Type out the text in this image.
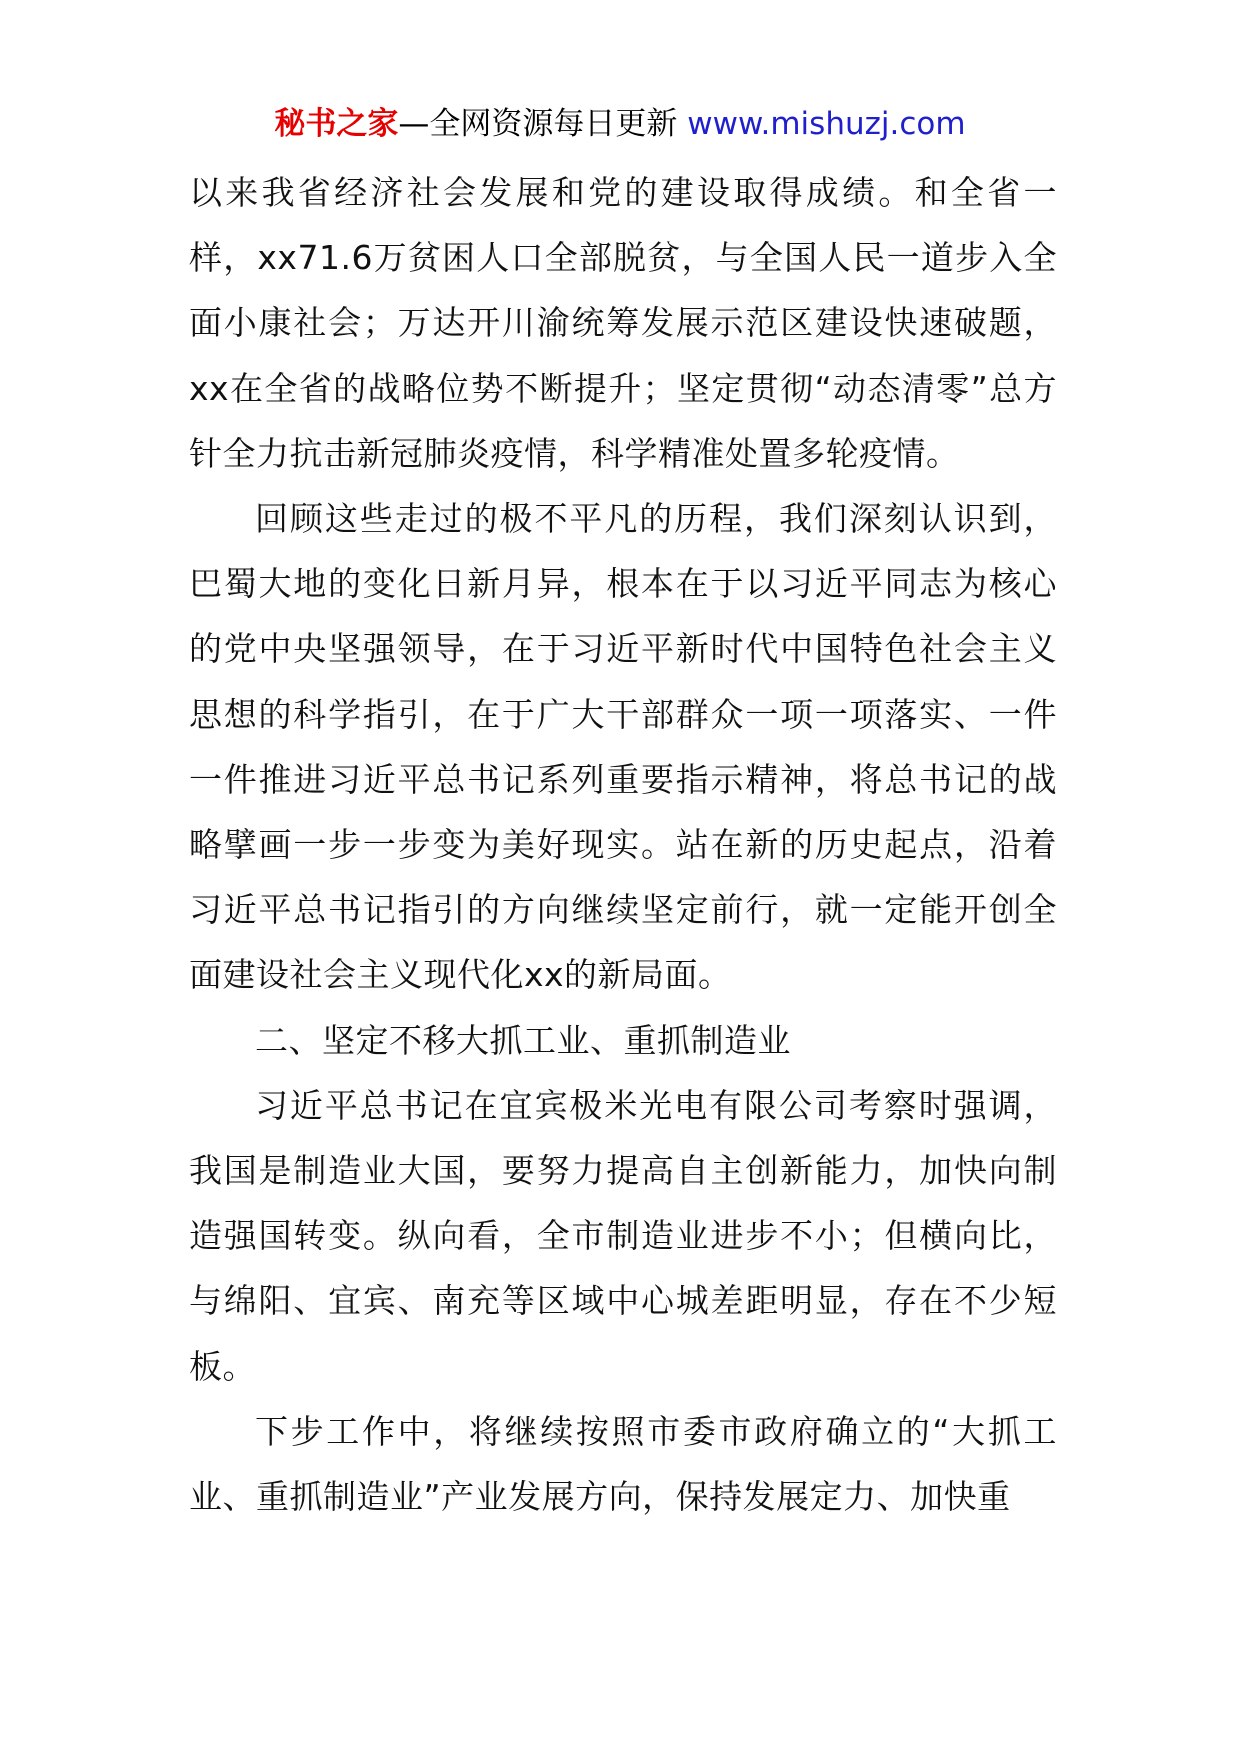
秘书之家—全网资源每日更新 www.mishuzj.com

以来我省经济社会发展和党的建设取得成绩。和全省一样，xx71.6万贫困人口全部脱贫，与全国人民一道步入全面小康社会；万达开川渝统筹发展示范区建设快速破题，xx在全省的战略位势不断提升；坚定贯彻“动态清零”总方针全力抗击新冠肺炎疫情，科学精准处置多轮疫情。

回顾这些走过的极不平凡的历程，我们深刻认识到，巴蜀大地的变化日新月异，根本在于以习近平同志为核心的党中央坚强领导，在于习近平新时代中国特色社会主义思想的科学指引，在于广大干部群众一项一项落实、一件一件推进习近平总书记系列重要指示精神，将总书记的战略擘画一步一步变为美好现实。站在新的历史起点，沿着习近平总书记指引的方向继续坚定前行，就一定能开创全面建设社会主义现代化xx的新局面。

二、坚定不移大抓工业、重抓制造业

习近平总书记在宜宾极米光电有限公司考察时强调，我国是制造业大国，要努力提高自主创新能力，加快向制造强国转变。纵向看，全市制造业进步不小；但横向比，与绵阳、宜宾、南充等区域中心城差距明显，存在不少短板。

下步工作中，将继续按照市委市政府确立的“大抓工业、重抓制造业”产业发展方向，保持发展定力、加快重
